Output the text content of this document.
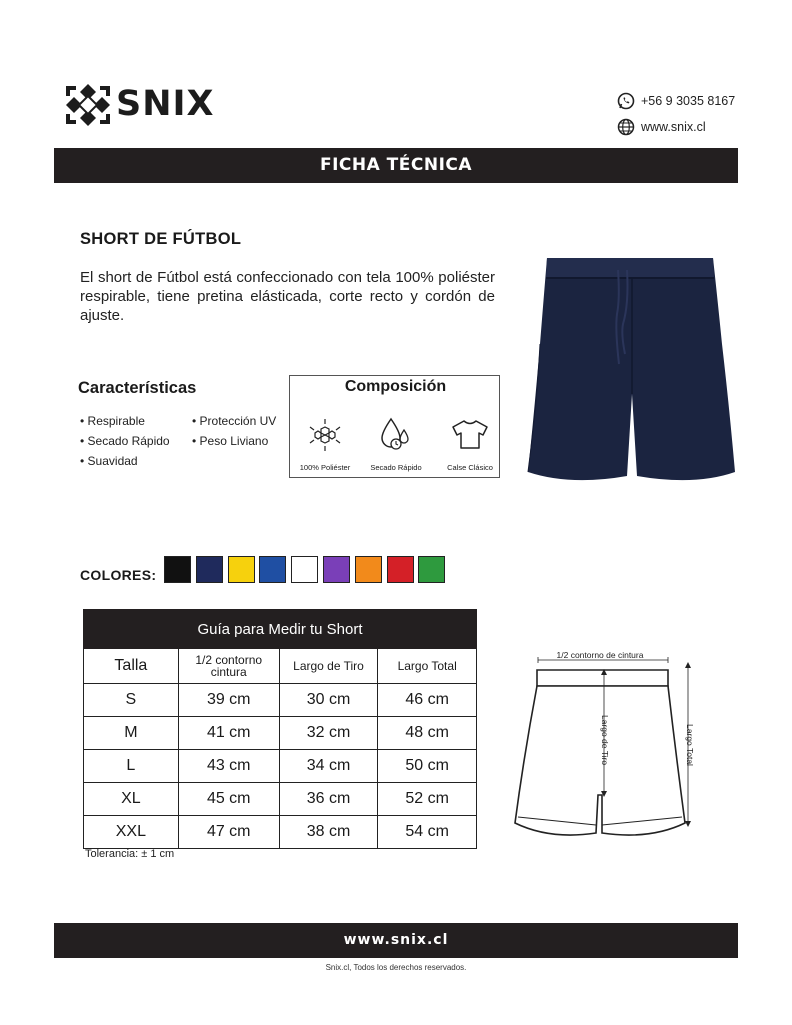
SNIX	+56 9 3035 8167
www.snix.cl
FICHA TÉCNICA
SHORT DE FÚTBOL
El short de Fútbol está confeccionado con tela 100% poliéster respirable, tiene pretina elásticada, corte recto y cordón de ajuste.
Características
• Respirable
• Secado Rápido
• Suavidad
• Protección UV
• Peso Liviano
Composición
100% Poliéster	Secado Rápido	Calse Clásico
COLORES:
Guía para Medir tu Short			
Talla	1/2 contorno cintura	Largo de Tiro	Largo Total
S	39 cm	30 cm	46 cm
M	41 cm	32 cm	48 cm
L	43 cm	34 cm	50 cm
XL	45 cm	36 cm	52 cm
XXL	47 cm	38 cm	54 cm
Tolerancia: ± 1 cm
1/2 contorno de cintura
Largo de Tiro	Largo Total
www.snix.cl
Snix.cl, Todos los derechos reservados.
